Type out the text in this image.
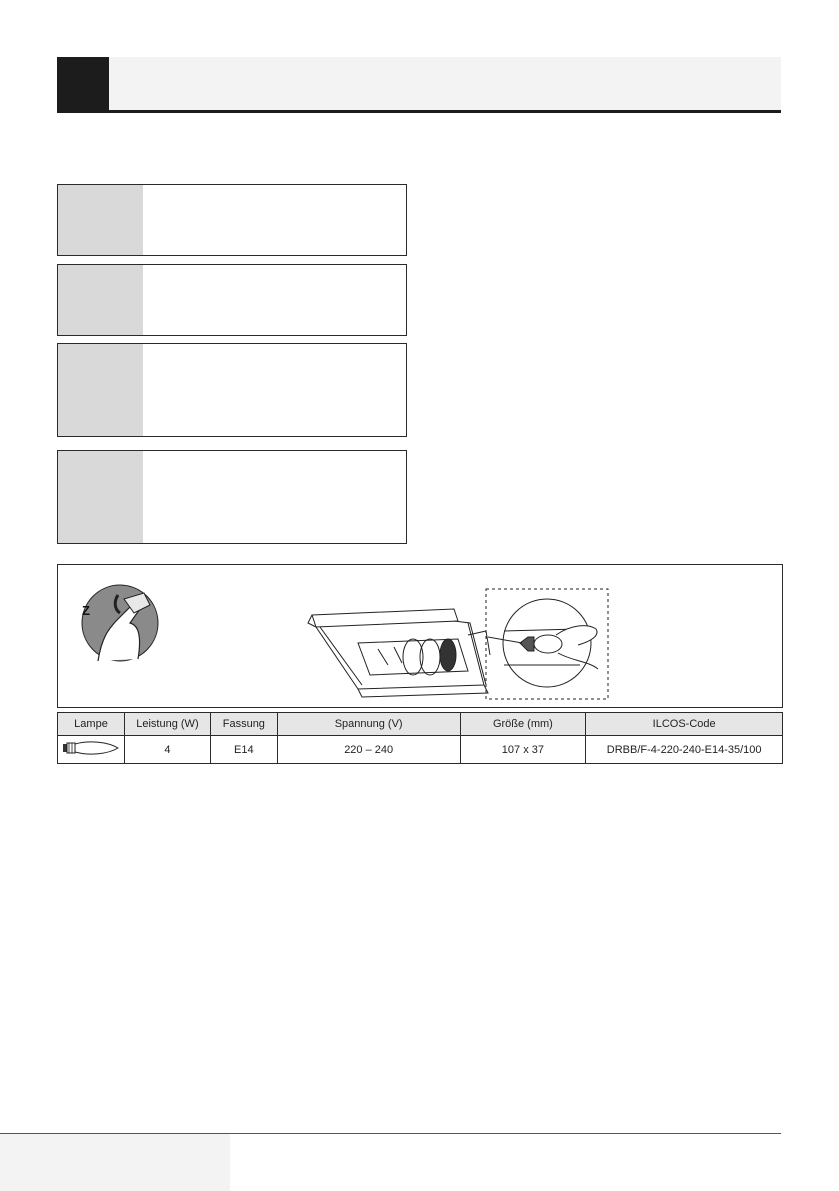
Z
Lampe	Leistung (W)	Fassung	Spannung (V)	Größe (mm)	ILCOS-Code
	4	E14	220 – 240	107 x 37	DRBB/F-4-220-240-E14-35/100
